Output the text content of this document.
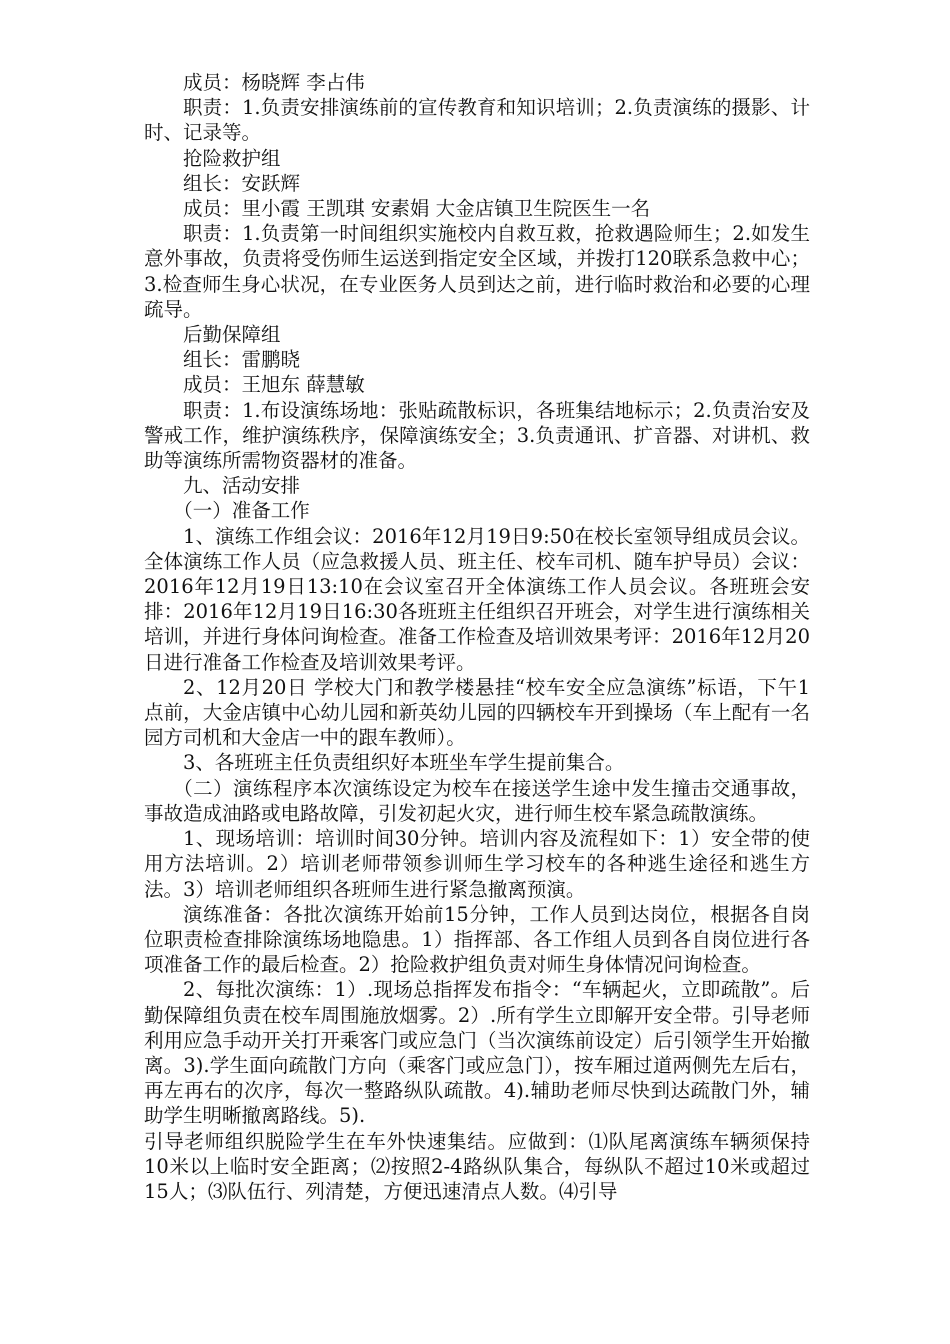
成员：杨晓辉 李占伟

职责：1.负责安排演练前的宣传教育和知识培训；2.负责演练的摄影、计时、记录等。

抢险救护组

组长：安跃辉

成员：里小霞 王凯琪 安素娟 大金店镇卫生院医生一名

职责：1.负责第一时间组织实施校内自救互救，抢救遇险师生；2.如发生意外事故，负责将受伤师生运送到指定安全区域，并拨打120联系急救中心；3.检查师生身心状况，在专业医务人员到达之前，进行临时救治和必要的心理疏导。

后勤保障组

组长：雷鹏晓

成员：王旭东 薛慧敏

职责：1.布设演练场地：张贴疏散标识，各班集结地标示；2.负责治安及警戒工作，维护演练秩序，保障演练安全；3.负责通讯、扩音器、对讲机、救助等演练所需物资器材的准备。

九、活动安排

（一）准备工作

1、演练工作组会议：2016年12月19日9:50在校长室领导组成员会议。全体演练工作人员（应急救援人员、班主任、校车司机、随车护导员）会议：2016年12月19日13:10在会议室召开全体演练工作人员会议。各班班会安排：2016年12月19日16:30各班班主任组织召开班会，对学生进行演练相关培训，并进行身体问询检查。准备工作检查及培训效果考评：2016年12月20日进行准备工作检查及培训效果考评。

2、12月20日 学校大门和教学楼悬挂“校车安全应急演练”标语，下午1点前，大金店镇中心幼儿园和新英幼儿园的四辆校车开到操场（车上配有一名园方司机和大金店一中的跟车教师）。

3、各班班主任负责组织好本班坐车学生提前集合。

（二）演练程序本次演练设定为校车在接送学生途中发生撞击交通事故，事故造成油路或电路故障，引发初起火灾，进行师生校车紧急疏散演练。

1、现场培训：培训时间30分钟。培训内容及流程如下：1）安全带的使用方法培训。2）培训老师带领参训师生学习校车的各种逃生途径和逃生方法。3）培训老师组织各班师生进行紧急撤离预演。

演练准备：各批次演练开始前15分钟，工作人员到达岗位，根据各自岗位职责检查排除演练场地隐患。1）指挥部、各工作组人员到各自岗位进行各项准备工作的最后检查。2）抢险救护组负责对师生身体情况问询检查。

2、每批次演练：1）.现场总指挥发布指令：“车辆起火，立即疏散”。后勤保障组负责在校车周围施放烟雾。2）.所有学生立即解开安全带。引导老师利用应急手动开关打开乘客门或应急门（当次演练前设定）后引领学生开始撤离。3).学生面向疏散门方向（乘客门或应急门），按车厢过道两侧先左后右，再左再右的次序，每次一整路纵队疏散。4).辅助老师尽快到达疏散门外，辅助学生明晰撤离路线。5).

引导老师组织脱险学生在车外快速集结。应做到：⑴队尾离演练车辆须保持10米以上临时安全距离；⑵按照2-4路纵队集合，每纵队不超过10米或超过15人；⑶队伍行、列清楚，方便迅速清点人数。⑷引导
